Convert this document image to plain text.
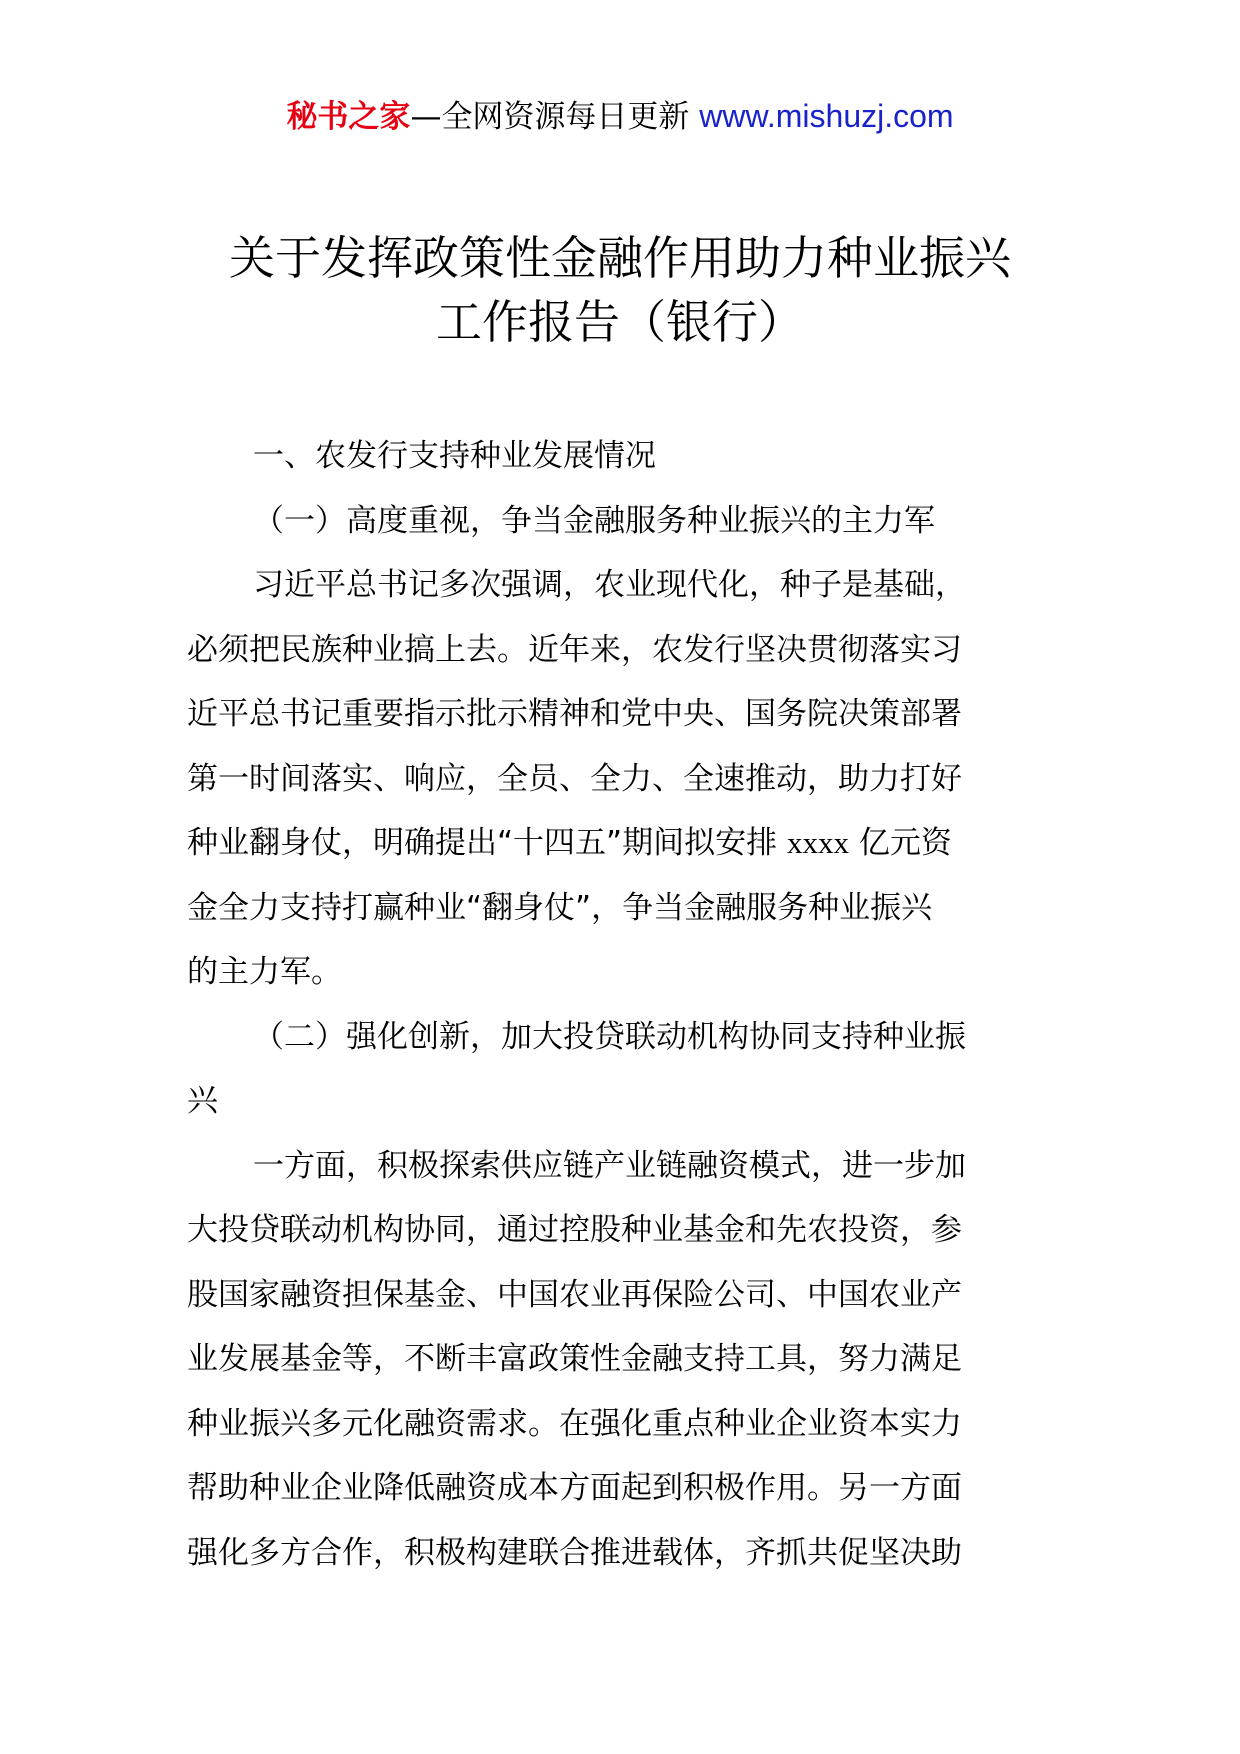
秘书之家—全网资源每日更新 www.mishuzj.com
关于发挥政策性金融作用助力种业振兴
工作报告（银行）
一、农发行支持种业发展情况
（一）高度重视，争当金融服务种业振兴的主力军
习近平总书记多次强调，农业现代化，种子是基础，
必须把民族种业搞上去。近年来，农发行坚决贯彻落实习
近平总书记重要指示批示精神和党中央、国务院决策部署
第一时间落实、响应，全员、全力、全速推动，助力打好
种业翻身仗，明确提出“十四五”期间拟安排 xxxx 亿元资
金全力支持打赢种业“翻身仗”，争当金融服务种业振兴
的主力军。
（二）强化创新，加大投贷联动机构协同支持种业振
兴
一方面，积极探索供应链产业链融资模式，进一步加
大投贷联动机构协同，通过控股种业基金和先农投资，参
股国家融资担保基金、中国农业再保险公司、中国农业产
业发展基金等，不断丰富政策性金融支持工具，努力满足
种业振兴多元化融资需求。在强化重点种业企业资本实力
帮助种业企业降低融资成本方面起到积极作用。另一方面
强化多方合作，积极构建联合推进载体，齐抓共促坚决助
